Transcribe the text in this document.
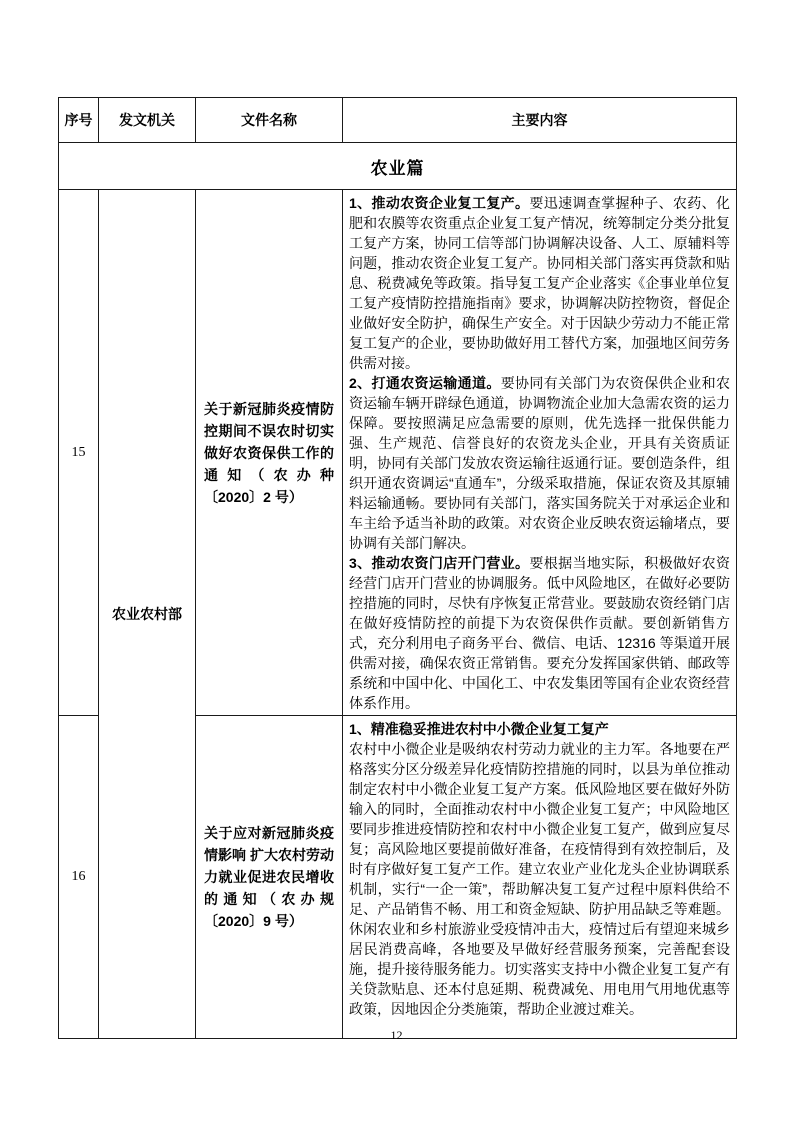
序号	发文机关	文件名称	主要内容
农业篇			
15	农业农村部	关于新冠肺炎疫情防控期间不误农时切实做好农资保供工作的通知（农办种〔2020〕2 号）	1、推动农资企业复工复产。要迅速调查掌握种子、农药、化肥和农膜等农资重点企业复工复产情况，统筹制定分类分批复工复产方案，协同工信等部门协调解决设备、人工、原辅料等问题，推动农资企业复工复产。协同相关部门落实再贷款和贴息、税费减免等政策。指导复工复产企业落实《企事业单位复工复产疫情防控措施指南》要求，协调解决防控物资，督促企业做好安全防护，确保生产安全。对于因缺少劳动力不能正常复工复产的企业，要协助做好用工替代方案，加强地区间劳务供需对接。

2、打通农资运输通道。要协同有关部门为农资保供企业和农资运输车辆开辟绿色通道，协调物流企业加大急需农资的运力保障。要按照满足应急需要的原则，优先选择一批保供能力强、生产规范、信誉良好的农资龙头企业，开具有关资质证明，协同有关部门发放农资运输往返通行证。要创造条件，组织开通农资调运“直通车”，分级采取措施，保证农资及其原辅料运输通畅。要协同有关部门，落实国务院关于对承运企业和车主给予适当补助的政策。对农资企业反映农资运输堵点，要协调有关部门解决。

3、推动农资门店开门营业。要根据当地实际，积极做好农资经营门店开门营业的协调服务。低中风险地区，在做好必要防控措施的同时，尽快有序恢复正常营业。要鼓励农资经销门店在做好疫情防控的前提下为农资保供作贡献。要创新销售方式，充分利用电子商务平台、微信、电话、12316 等渠道开展供需对接，确保农资正常销售。要充分发挥国家供销、邮政等系统和中国中化、中国化工、中农发集团等国有企业农资经营体系作用。

16		关于应对新冠肺炎疫情影响 扩大农村劳动力就业促进农民增收的通知（农办规〔2020〕9 号）	1、精准稳妥推进农村中小微企业复工复产
农村中小微企业是吸纳农村劳动力就业的主力军。各地要在严格落实分区分级差异化疫情防控措施的同时，以县为单位推动制定农村中小微企业复工复产方案。低风险地区要在做好外防输入的同时，全面推动农村中小微企业复工复产；中风险地区要同步推进疫情防控和农村中小微企业复工复产，做到应复尽复；高风险地区要提前做好准备，在疫情得到有效控制后，及时有序做好复工复产工作。建立农业产业化龙头企业协调联系机制，实行“一企一策”，帮助解决复工复产过程中原料供给不足、产品销售不畅、用工和资金短缺、防护用品缺乏等难题。休闲农业和乡村旅游业受疫情冲击大，疫情过后有望迎来城乡居民消费高峰，各地要及早做好经营服务预案，完善配套设施，提升接待服务能力。切实落实支持中小微企业复工复产有关贷款贴息、还本付息延期、税费减免、用电用气用地优惠等政策，因地因企分类施策，帮助企业渡过难关。

12
